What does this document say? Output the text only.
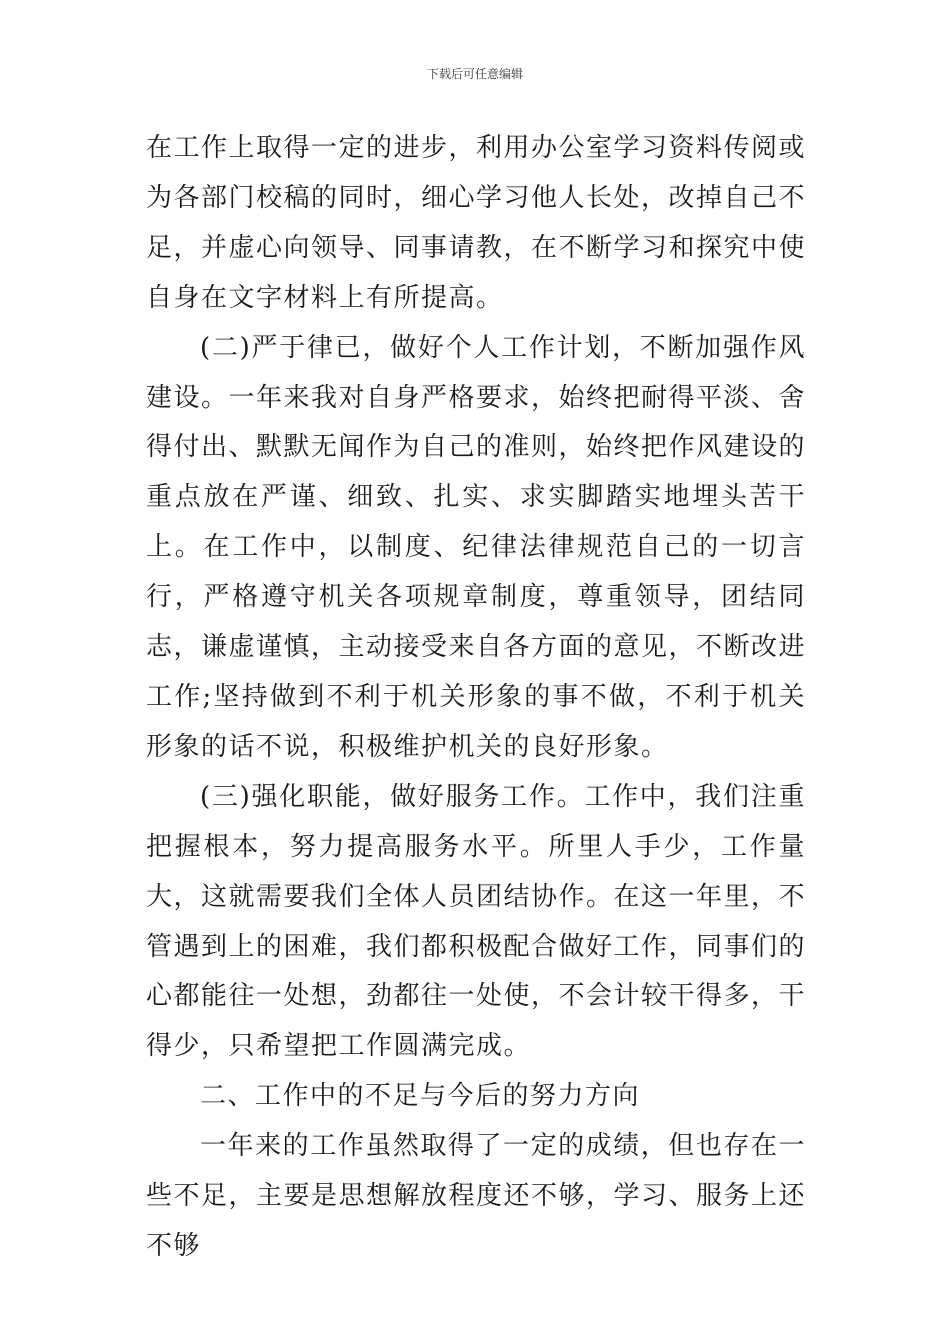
下载后可任意编辑

在工作上取得一定的进步，利用办公室学习资料传阅或为各部门校稿的同时，细心学习他人长处，改掉自己不足，并虚心向领导、同事请教，在不断学习和探究中使自身在文字材料上有所提高。

(二)严于律已，做好个人工作计划，不断加强作风建设。一年来我对自身严格要求，始终把耐得平淡、舍得付出、默默无闻作为自己的准则，始终把作风建设的重点放在严谨、细致、扎实、求实脚踏实地埋头苦干上。在工作中，以制度、纪律法律规范自己的一切言行，严格遵守机关各项规章制度，尊重领导，团结同志，谦虚谨慎，主动接受来自各方面的意见，不断改进工作;坚持做到不利于机关形象的事不做，不利于机关形象的话不说，积极维护机关的良好形象。

(三)强化职能，做好服务工作。工作中，我们注重把握根本，努力提高服务水平。所里人手少，工作量大，这就需要我们全体人员团结协作。在这一年里，不管遇到上的困难，我们都积极配合做好工作，同事们的心都能往一处想，劲都往一处使，不会计较干得多，干得少，只希望把工作圆满完成。

二、工作中的不足与今后的努力方向

一年来的工作虽然取得了一定的成绩，但也存在一些不足，主要是思想解放程度还不够，学习、服务上还不够
